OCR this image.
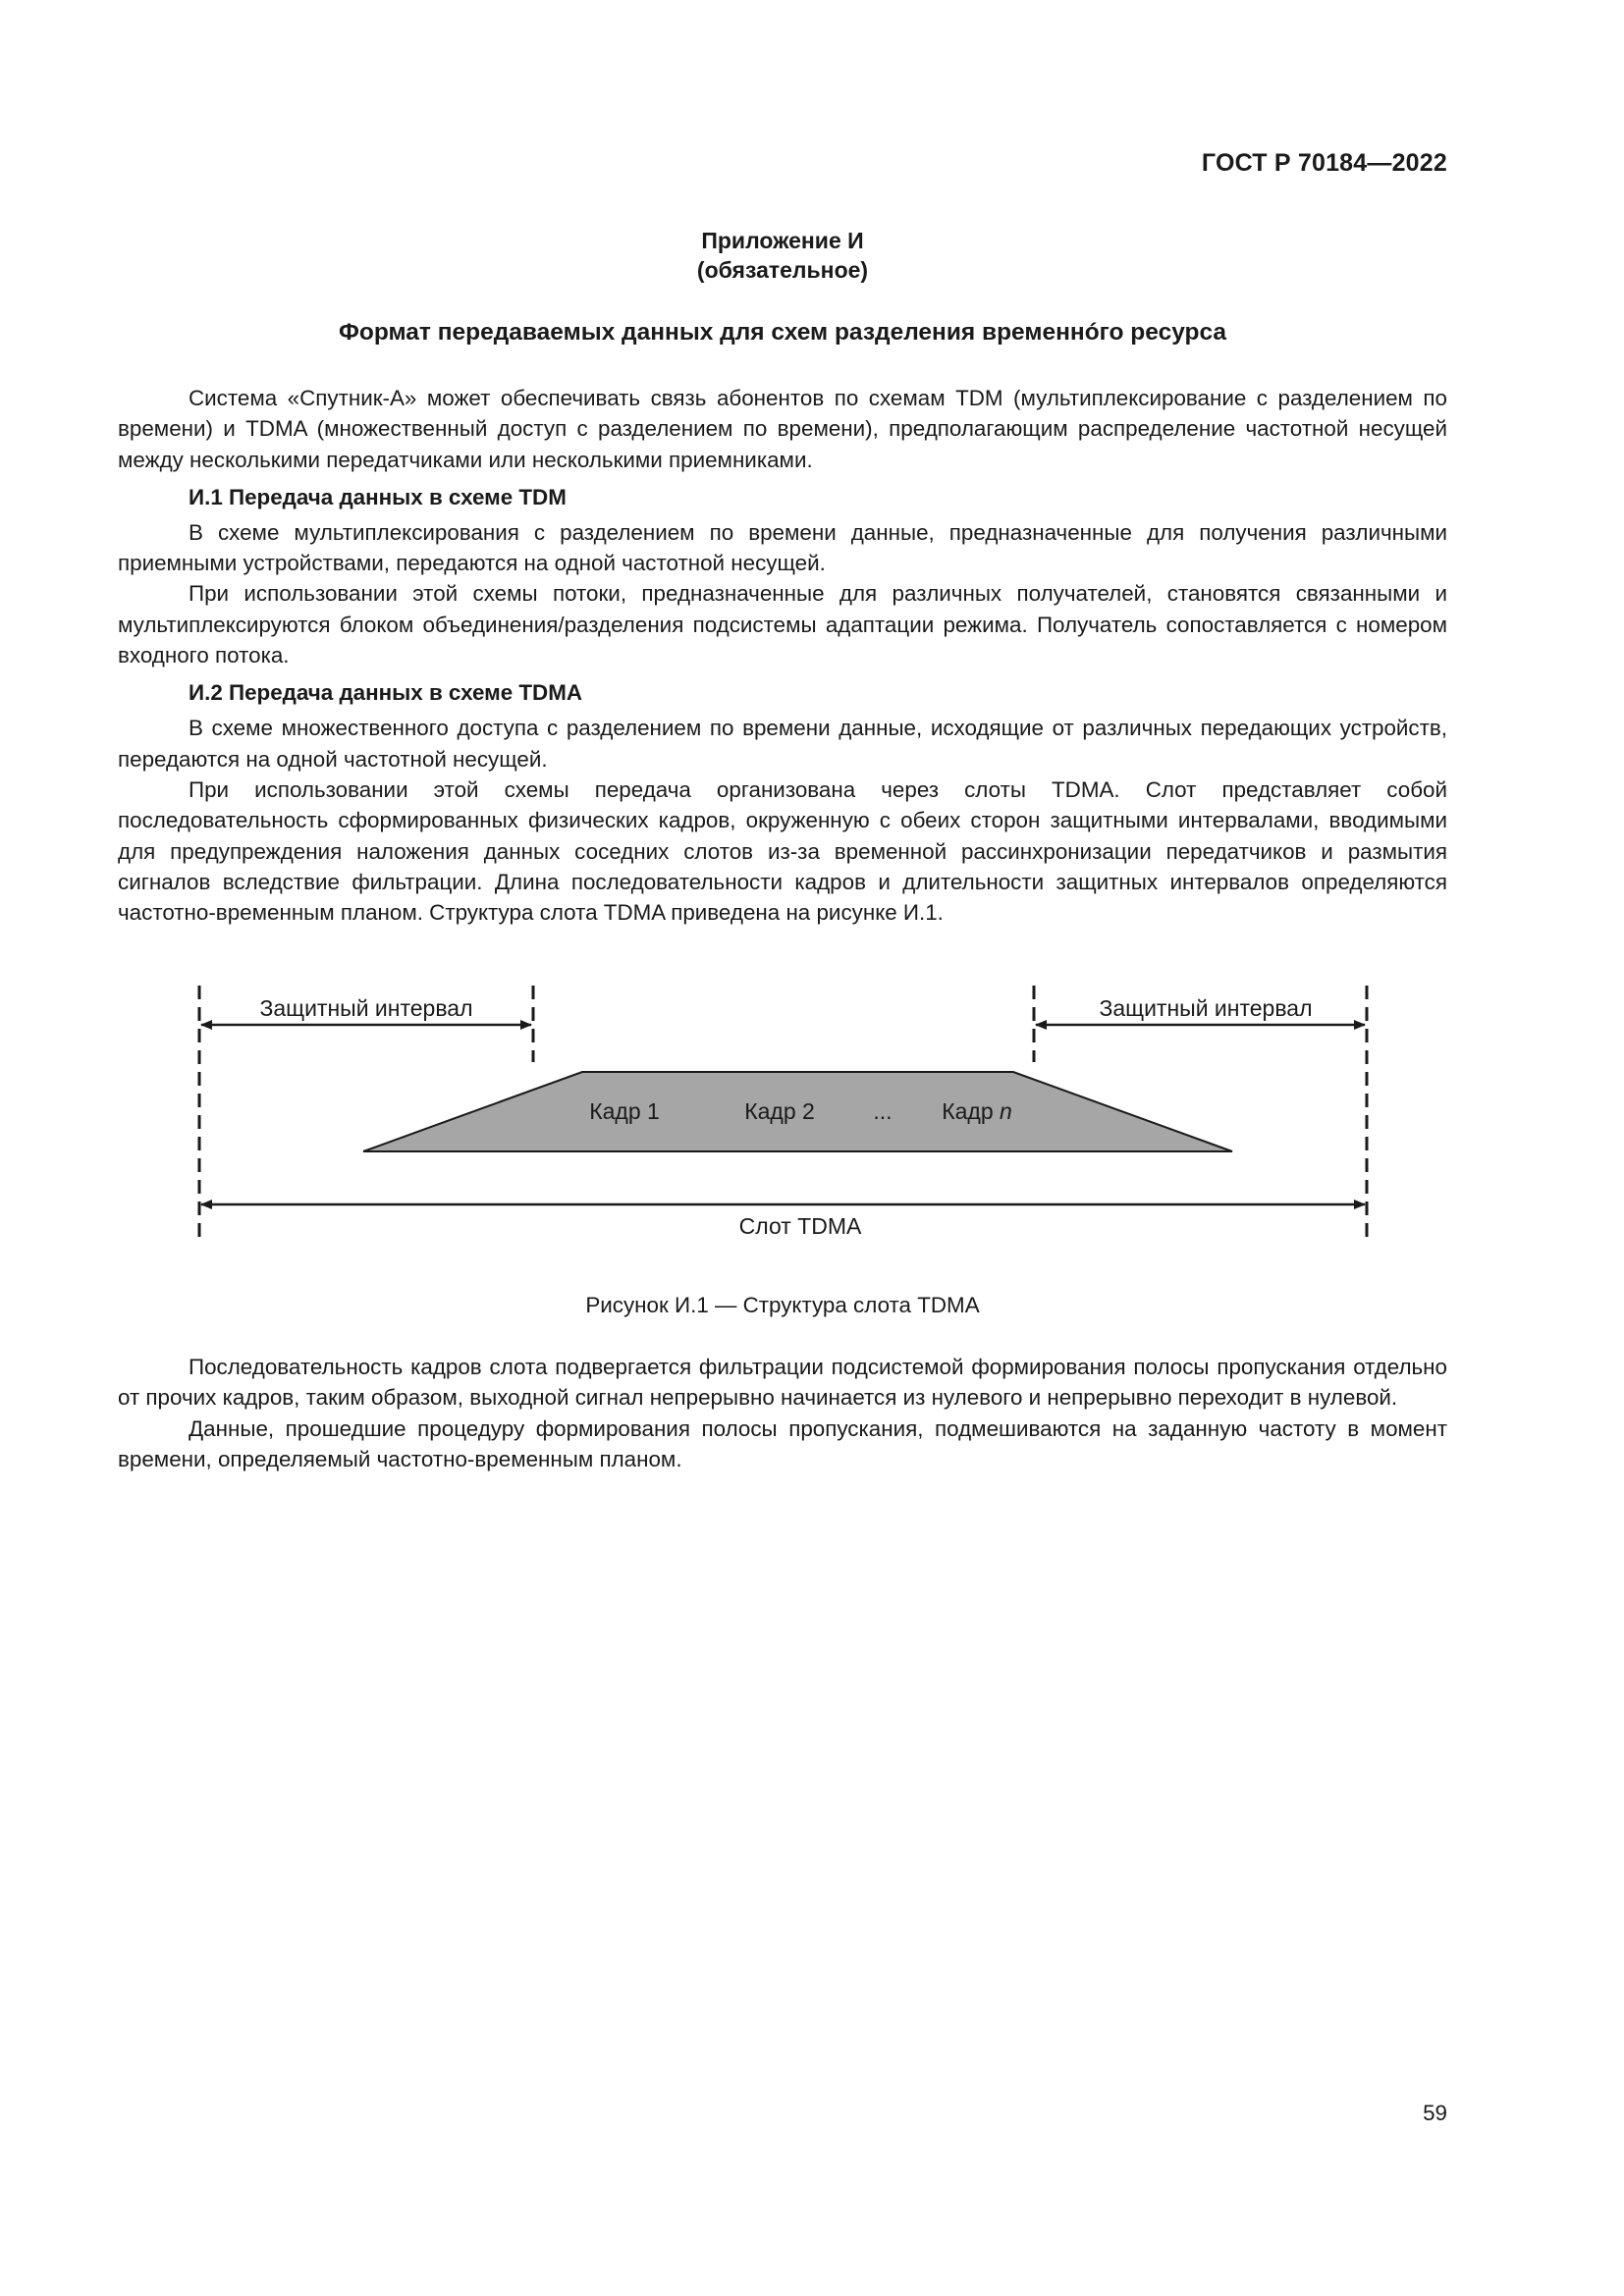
ГОСТ Р 70184—2022
Приложение И
(обязательное)
Формат передаваемых данных для схем разделения временнóго ресурса

Система «Спутник-А» может обеспечивать связь абонентов по схемам TDM (мультиплексирование с разделением по времени) и TDMA (множественный доступ с разделением по времени), предполагающим распределение частотной несущей между несколькими передатчиками или несколькими приемниками.

И.1 Передача данных в схеме TDM

В схеме мультиплексирования с разделением по времени данные, предназначенные для получения различными приемными устройствами, передаются на одной частотной несущей.

При использовании этой схемы потоки, предназначенные для различных получателей, становятся связанными и мультиплексируются блоком объединения/разделения подсистемы адаптации режима. Получатель сопоставляется с номером входного потока.

И.2 Передача данных в схеме TDMA

В схеме множественного доступа с разделением по времени данные, исходящие от различных передающих устройств, передаются на одной частотной несущей.

При использовании этой схемы передача организована через слоты TDMA. Слот представляет собой последовательность сформированных физических кадров, окруженную с обеих сторон защитными интервалами, вводимыми для предупреждения наложения данных соседних слотов из-за временной рассинхронизации передатчиков и размытия сигналов вследствие фильтрации. Длина последовательности кадров и длительности защитных интервалов определяются частотно-временным планом. Структура слота TDMA приведена на рисунке И.1.

Защитный интервал	Защитный интервал
Кадр 1	Кадр 2	... Кадр n
Слот TDMA
Рисунок И.1 — Структура слота TDMA

Последовательность кадров слота подвергается фильтрации подсистемой формирования полосы пропускания отдельно от прочих кадров, таким образом, выходной сигнал непрерывно начинается из нулевого и непрерывно переходит в нулевой.

Данные, прошедшие процедуру формирования полосы пропускания, подмешиваются на заданную частоту в момент времени, определяемый частотно-временным планом.

59
